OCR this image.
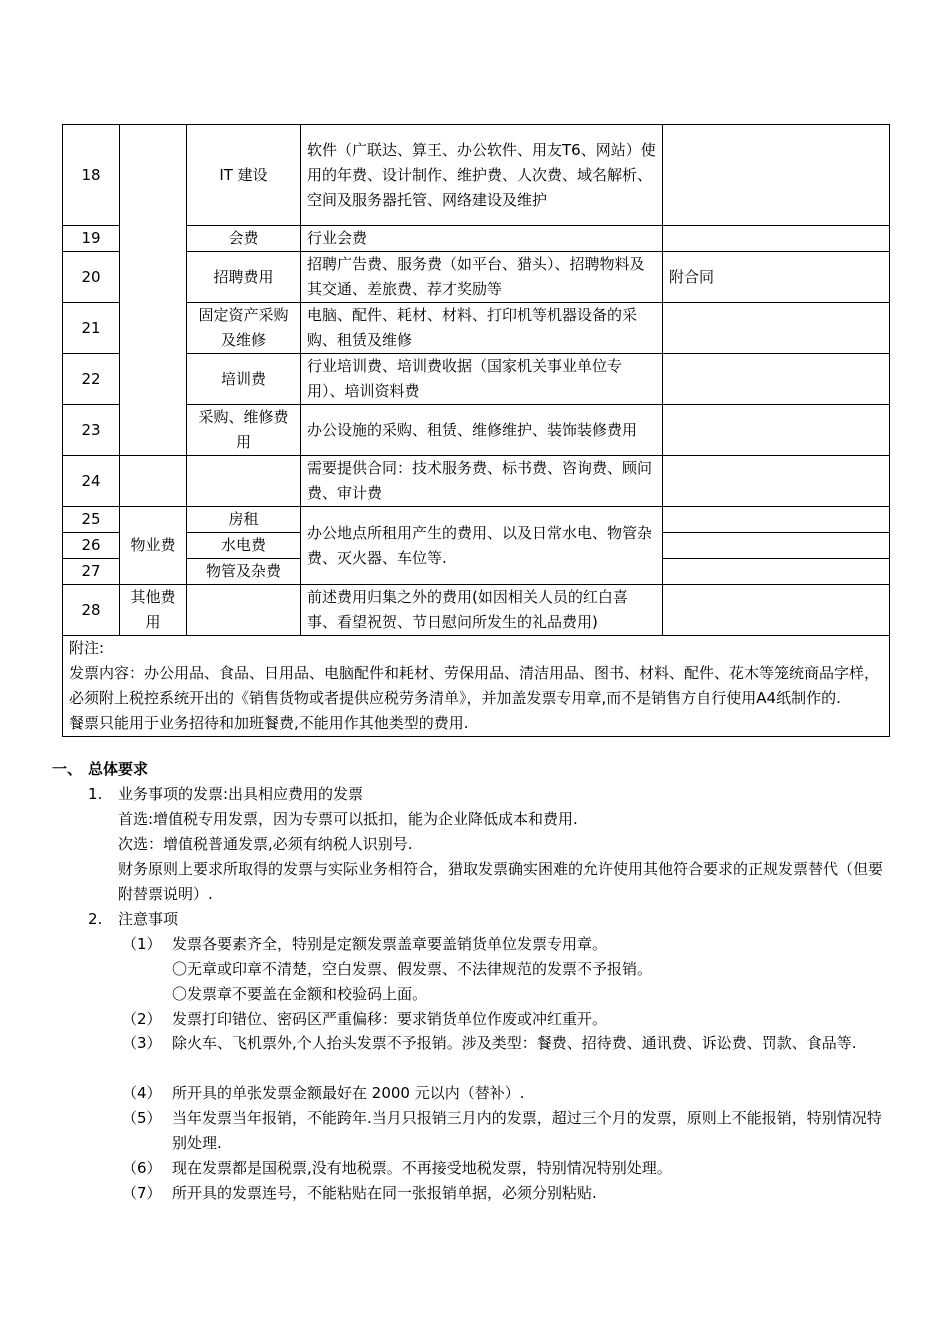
18		IT 建设	软件（广联达、算王、办公软件、用友T6、网站）使用的年费、设计制作、维护费、人次费、域名解析、空间及服务器托管、网络建设及维护	
19		会费	行业会费	
20		招聘费用	招聘广告费、服务费（如平台、猎头）、招聘物料及其交通、差旅费、荐才奖励等	附合同
21		固定资产采购及维修	电脑、配件、耗材、材料、打印机等机器设备的采购、租赁及维修	
22		培训费	行业培训费、培训费收据（国家机关事业单位专用）、培训资料费	
23		采购、维修费用	办公设施的采购、租赁、维修维护、装饰装修费用	
24			需要提供合同：技术服务费、标书费、咨询费、顾问费、审计费	
25	物业费	房租	办公地点所租用产生的费用、以及日常水电、物管杂费、灭火器、车位等.	
26		水电费		
27		物管及杂费		
28	其他费用		前述费用归集之外的费用(如因相关人员的红白喜事、看望祝贺、节日慰问所发生的礼品费用)	

附注:
发票内容：办公用品、食品、日用品、电脑配件和耗材、劳保用品、清洁用品、图书、材料、配件、花木等笼统商品字样，必须附上税控系统开出的《销售货物或者提供应税劳务清单》，并加盖发票专用章,而不是销售方自行使用A4纸制作的.
餐票只能用于业务招待和加班餐费,不能用作其他类型的费用.				
一、 总体要求
1. 业务事项的发票:出具相应费用的发票
首选:增值税专用发票，因为专票可以抵扣，能为企业降低成本和费用.
次选：增值税普通发票,必须有纳税人识别号.
财务原则上要求所取得的发票与实际业务相符合，猎取发票确实困难的允许使用其他符合要求的正规发票替代（但要附替票说明）.
2. 注意事项
（1） 发票各要素齐全，特别是定额发票盖章要盖销货单位发票专用章。
〇无章或印章不清楚，空白发票、假发票、不法律规范的发票不予报销。
〇发票章不要盖在金额和校验码上面。
（2） 发票打印错位、密码区严重偏移：要求销货单位作废或冲红重开。
（3） 除火车、飞机票外,个人抬头发票不予报销。涉及类型：餐费、招待费、通讯费、诉讼费、罚款、食品等.
（4） 所开具的单张发票金额最好在 2000 元以内（替补）.
（5） 当年发票当年报销，不能跨年.当月只报销三月内的发票，超过三个月的发票，原则上不能报销，特别情况特别处理.
（6） 现在发票都是国税票,没有地税票。不再接受地税发票，特别情况特别处理。
（7） 所开具的发票连号，不能粘贴在同一张报销单据，必须分别粘贴.
